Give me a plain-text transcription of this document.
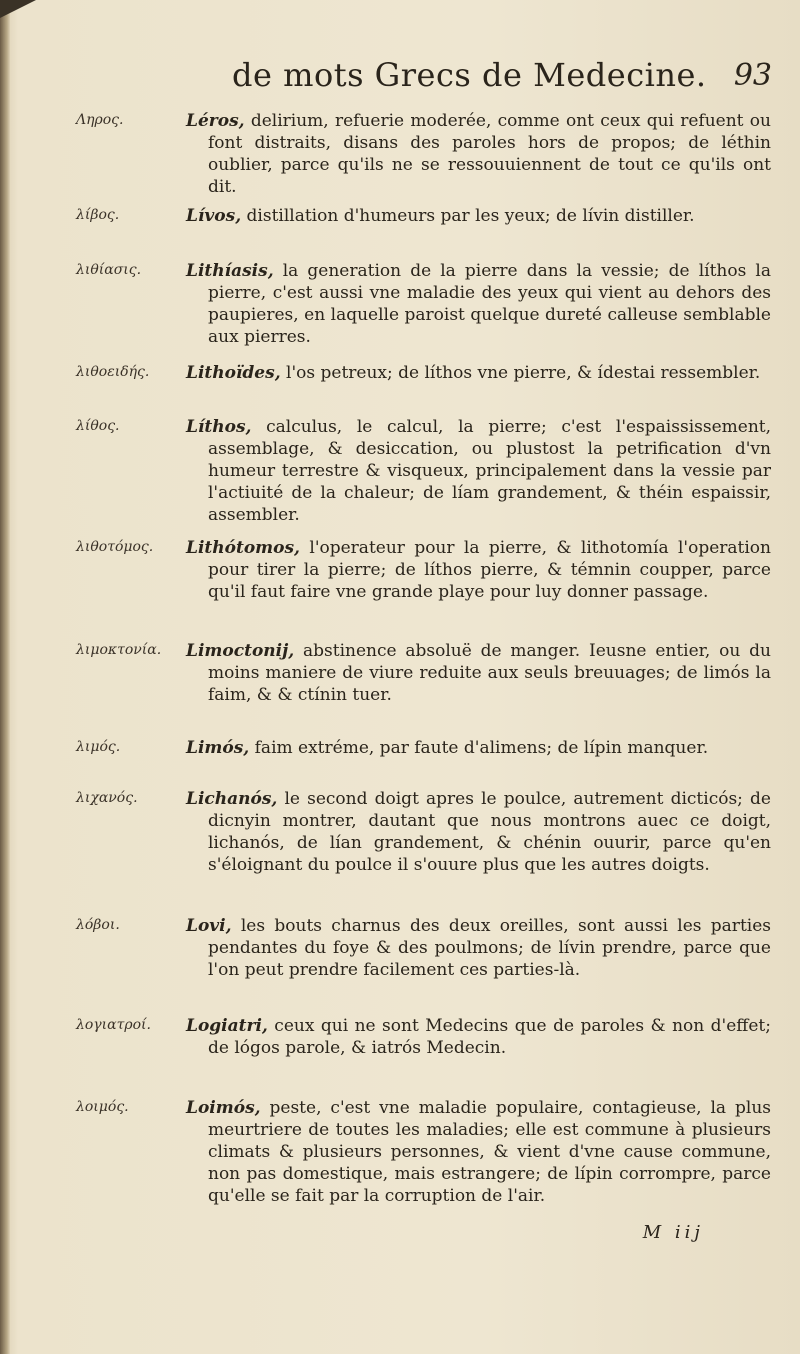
de mots Grecs de Medecine. 93
Ληρος.	Léros, delirium, refuerie moderée, comme ont ceux qui refuent ou font distraits, disans des paroles hors de propos; de léthin oublier, parce qu'ils ne se ressouuiennent de tout ce qu'ils ont dit.
λίβος.	Lívos, distillation d'humeurs par les yeux; de lívin distiller.
λιθίασις.	Lithíasis, la generation de la pierre dans la vessie; de líthos la pierre, c'est aussi vne maladie des yeux qui vient au dehors des paupieres, en laquelle paroist quelque dureté calleuse semblable aux pierres.
λιθοειδής.	Lithoïdes, l'os petreux; de líthos vne pierre, & ídestai ressembler.
λίθος.	Líthos, calculus, le calcul, la pierre; c'est l'espaississement, assemblage, & desiccation, ou plustost la petrification d'vn humeur terrestre & visqueux, principalement dans la vessie par l'actiuité de la chaleur; de líam grandement, & théin espaissir, assembler.
λιθοτόμος.	Lithótomos, l'operateur pour la pierre, & lithotomía l'operation pour tirer la pierre; de líthos pierre, & témnin coupper, parce qu'il faut faire vne grande playe pour luy donner passage.
λιμοκτονία.	Limoctonij, abstinence absoluë de manger. Ieusne entier, ou du moins maniere de viure reduite aux seuls breuuages; de limós la faim, & & ctínin tuer.
λιμός.	Limós, faim extréme, par faute d'alimens; de lípin manquer.
λιχανός.	Lichanós, le second doigt apres le poulce, autrement dicticós; de dicnyin montrer, dautant que nous montrons auec ce doigt, lichanós, de lían grandement, & chénin ouurir, parce qu'en s'éloignant du poulce il s'ouure plus que les autres doigts.
λόβοι.	Lovi, les bouts charnus des deux oreilles, sont aussi les parties pendantes du foye & des poulmons; de lívin prendre, parce que l'on peut prendre facilement ces parties-là.
λογιατροί.	Logiatri, ceux qui ne sont Medecins que de paroles & non d'effet; de lógos parole, & iatrós Medecin.
λοιμός.	Loimós, peste, c'est vne maladie populaire, contagieuse, la plus meurtriere de toutes les maladies; elle est commune à plusieurs climats & plusieurs personnes, & vient d'vne cause commune, non pas domestique, mais estrangere; de lípin corrompre, parce qu'elle se fait par la corruption de l'air.
M iij
